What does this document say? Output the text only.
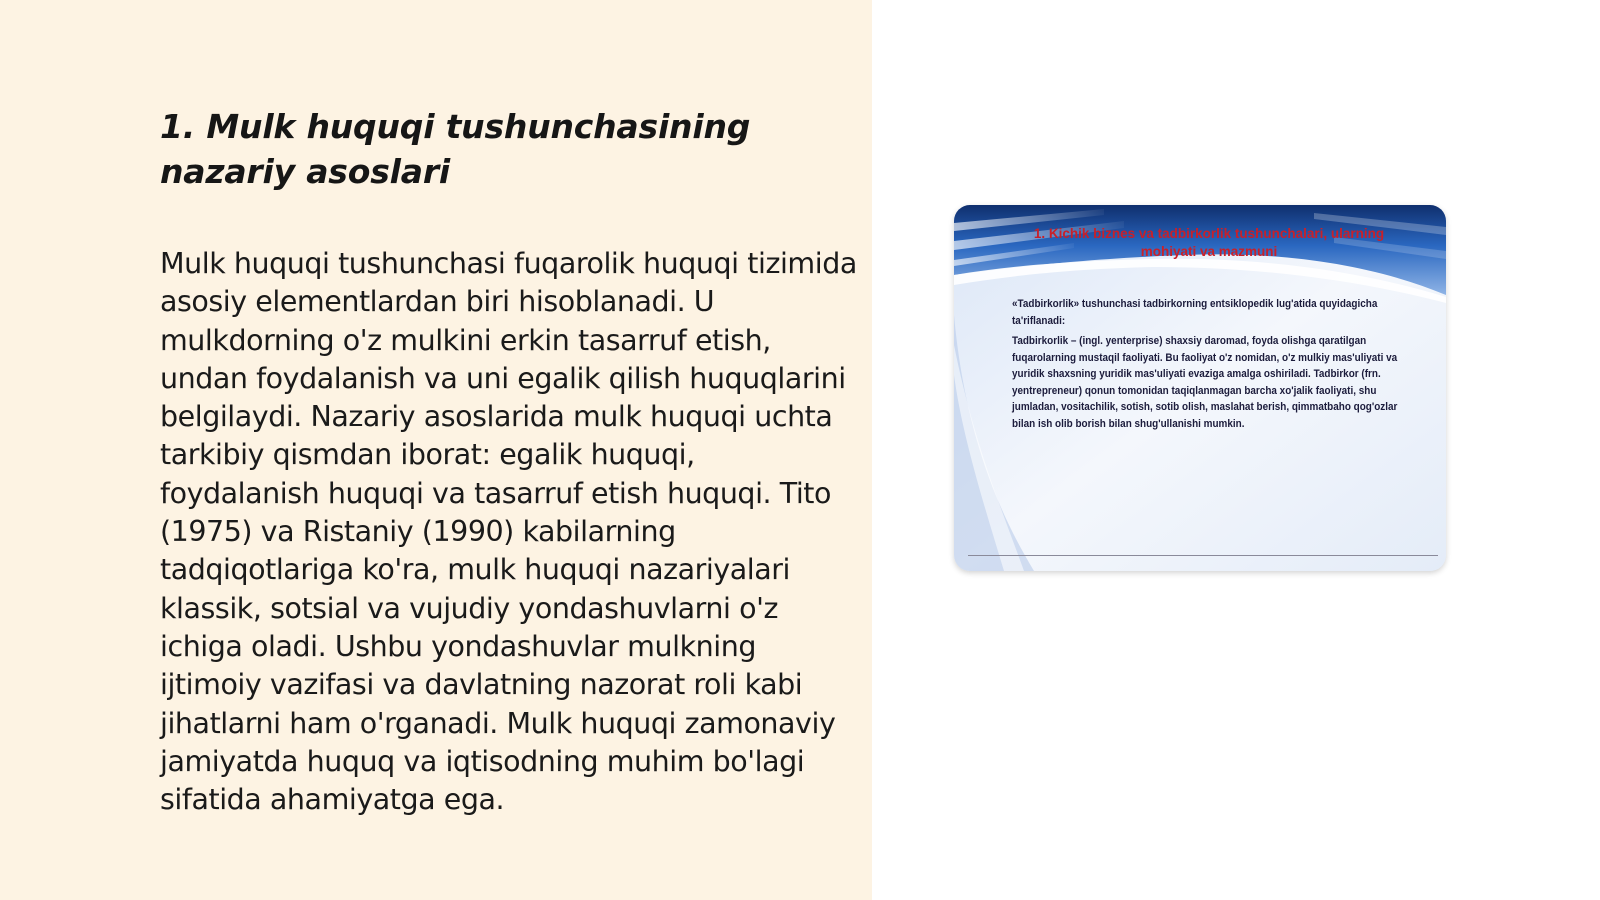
1. Mulk huquqi tushunchasining nazariy asoslari

Mulk huquqi tushunchasi fuqarolik huquqi tizimida asosiy elementlardan biri hisoblanadi. U mulkdorning o'z mulkini erkin tasarruf etish, undan foydalanish va uni egalik qilish huquqlarini belgilaydi. Nazariy asoslarida mulk huquqi uchta tarkibiy qismdan iborat: egalik huquqi, foydalanish huquqi va tasarruf etish huquqi. Tito (1975) va Ristaniy (1990) kabilarning tadqiqotlariga ko'ra, mulk huquqi nazariyalari klassik, sotsial va vujudiy yondashuvlarni o'z ichiga oladi. Ushbu yondashuvlar mulkning ijtimoiy vazifasi va davlatning nazorat roli kabi jihatlarni ham o'rganadi. Mulk huquqi zamonaviy jamiyatda huquq va iqtisodning muhim bo'lagi sifatida ahamiyatga ega.

1. Kichik biznes va tadbirkorlik tushunchalari, ularning mohiyati va mazmuni
«Tadbirkorlik» tushunchasi tadbirkorning entsiklopedik lug'atida quyidagicha ta'riflanadi:
Tadbirkorlik – (ingl. yenterprise) shaxsiy daromad, foyda olishga qaratilgan fuqarolarning mustaqil faoliyati. Bu faoliyat o'z nomidan, o'z mulkiy mas'uliyati va yuridik shaxsning yuridik mas'uliyati evaziga amalga oshiriladi. Tadbirkor (frn. yentrepreneur) qonun tomonidan taqiqlanmagan barcha xo'jalik faoliyati, shu jumladan, vositachilik, sotish, sotib olish, maslahat berish, qimmatbaho qog'ozlar bilan ish olib borish bilan shug'ullanishi mumkin.
